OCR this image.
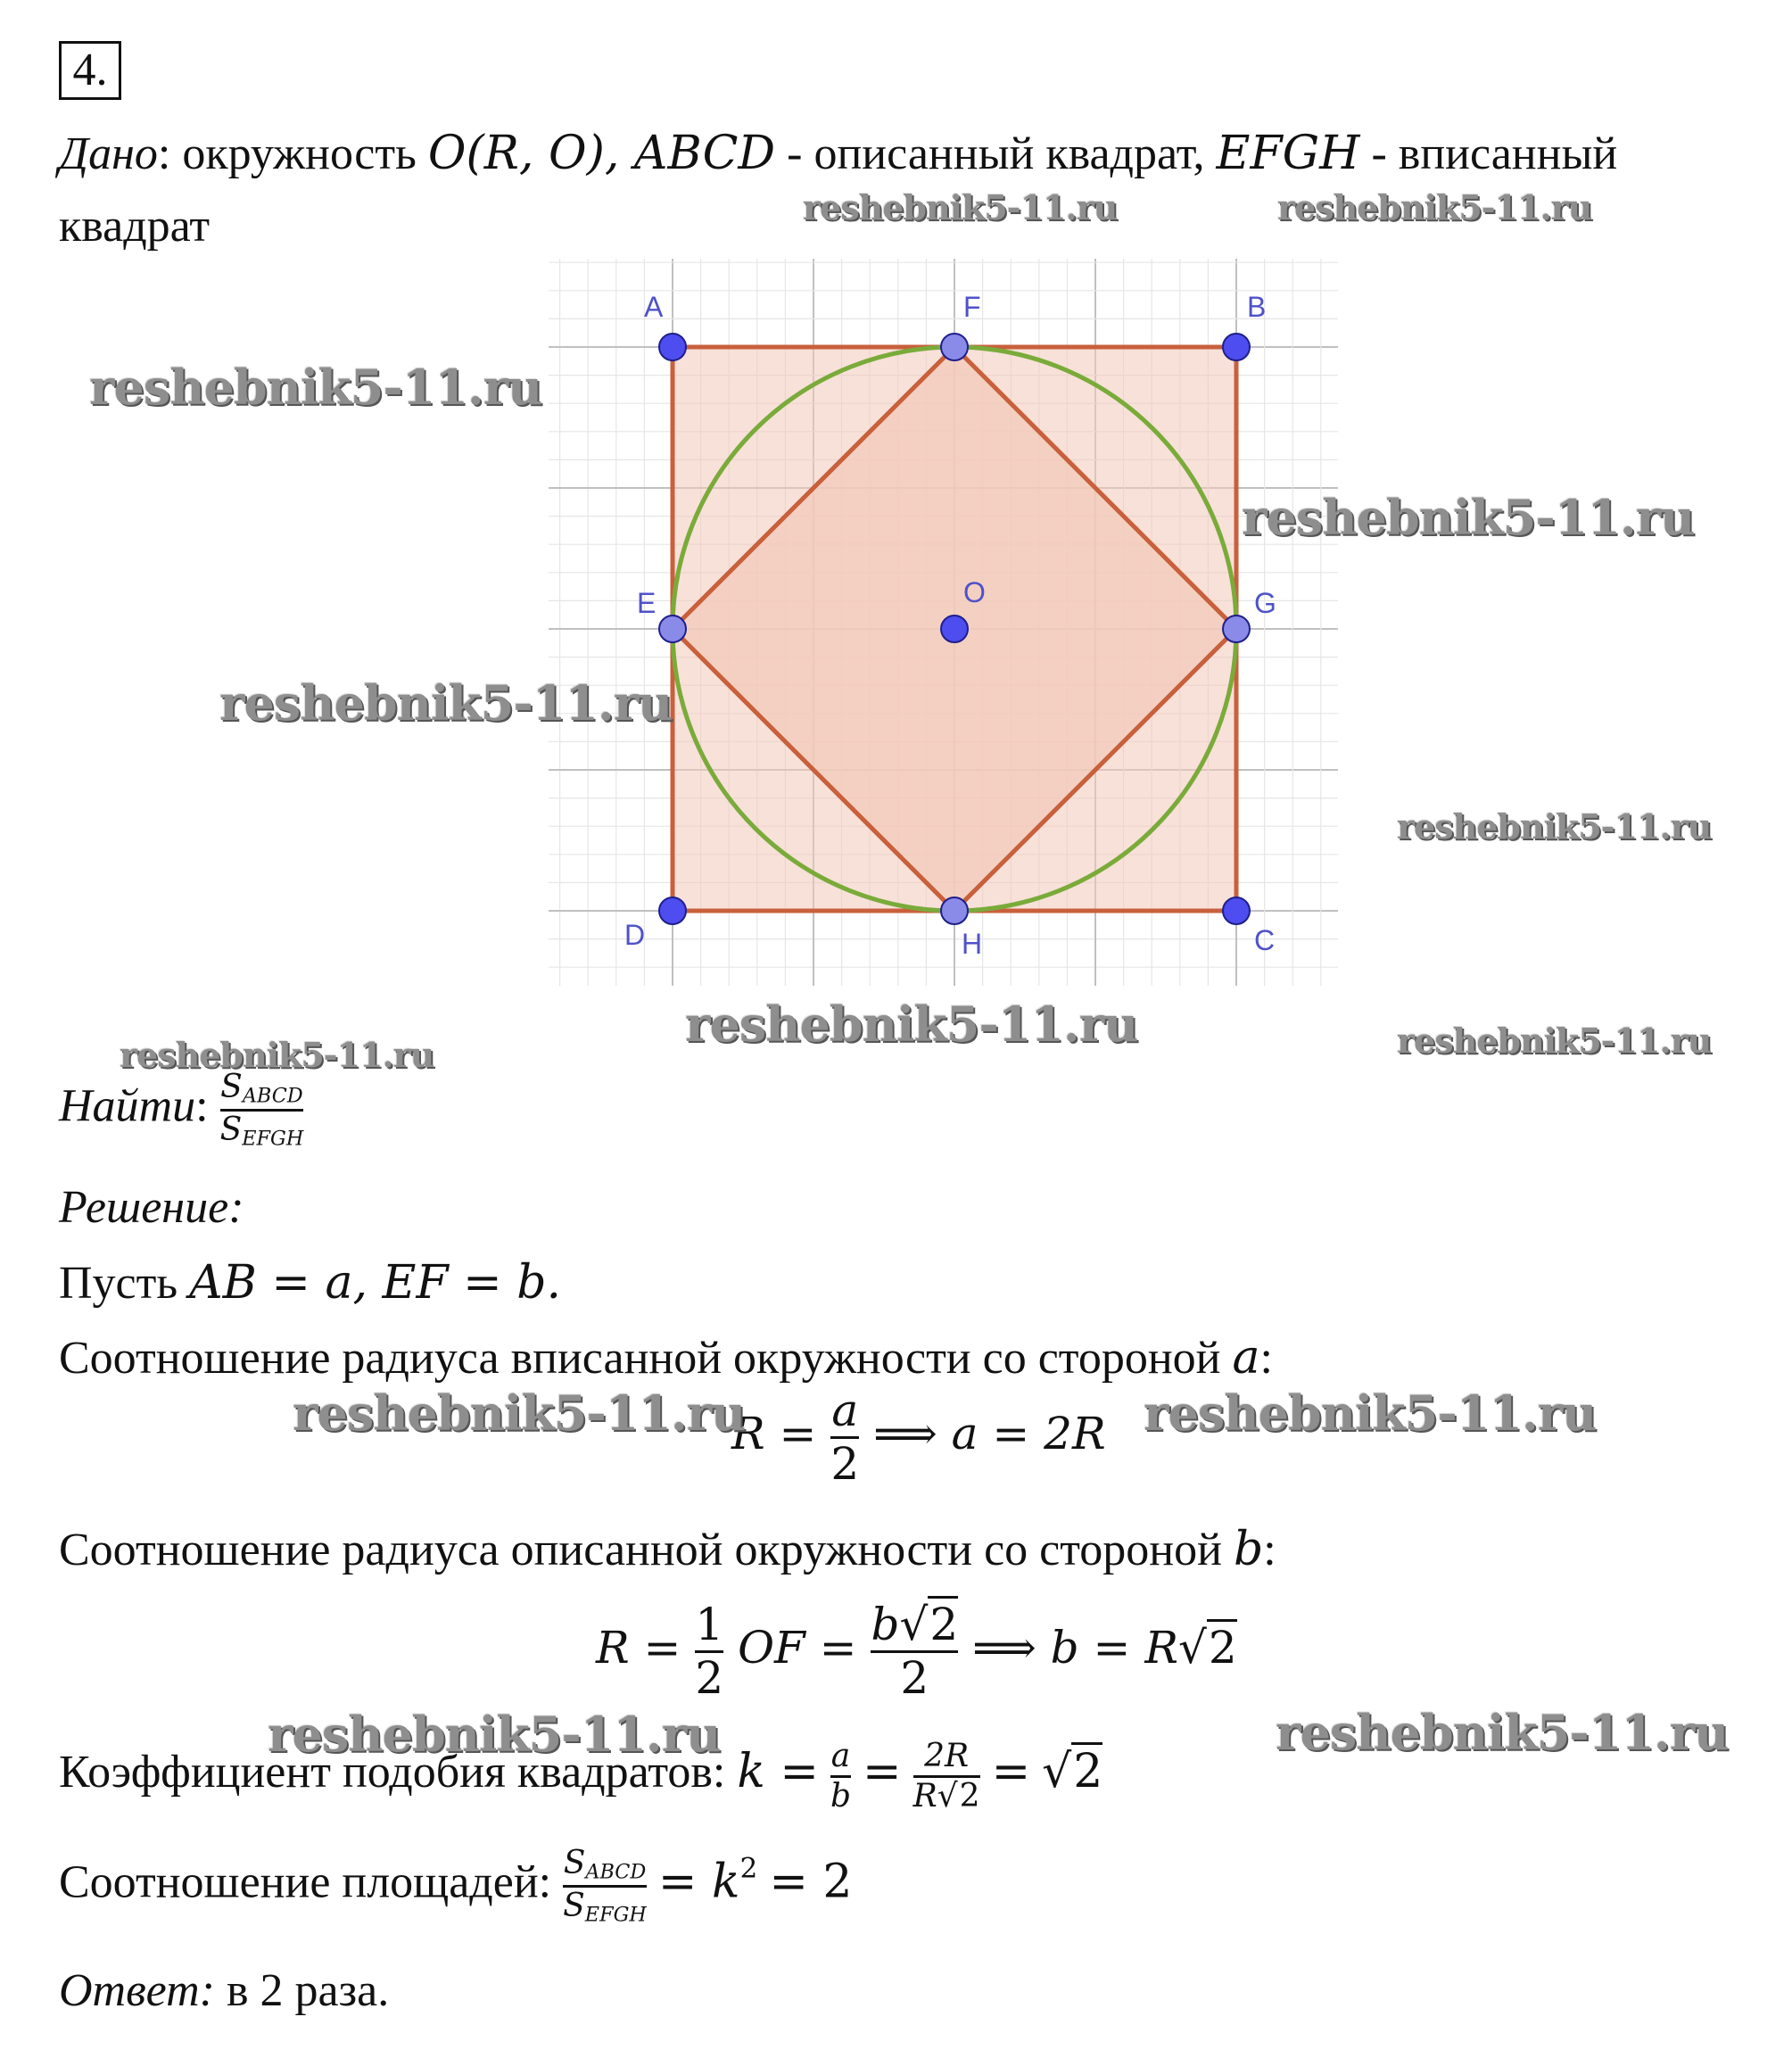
4.
Дано: окружность O(R, O), ABCD - описанный квадрат, EFGH - вписанный
квадрат
A	F	B
E	O	G
D	H	C
Найти: $\frac{S_{ABCD}}{S_{EFGH}}$
Решение:
Пусть AB = a, EF = b.
Соотношение радиуса вписанной окружности со стороной a:
$R = \frac{a}{2}$ ⟹ a = 2R
Соотношение радиуса описанной окружности со стороной b:
$R = \frac{1}{2}$ OF = $\frac{b√2}{2}$ ⟹ b = R√2
Коэффициент подобия квадратов: $k = \frac{a}{b} = \frac{2R}{R√2} = √2$
Соотношение площадей: $\frac{S_{ABCD}}{S_{EFGH}} = k^2 = 2$
Ответ: в 2 раза.
reshebnik5-11.ru	reshebnik5-11.ru
reshebnik5-11.ru
reshebnik5-11.ru
reshebnik5-11.ru
reshebnik5-11.ru
reshebnik5-11.ru	reshebnik5-11.ru
reshebnik5-11.ru
reshebnik5-11.ru	reshebnik5-11.ru
reshebnik5-11.ru	reshebnik5-11.ru
